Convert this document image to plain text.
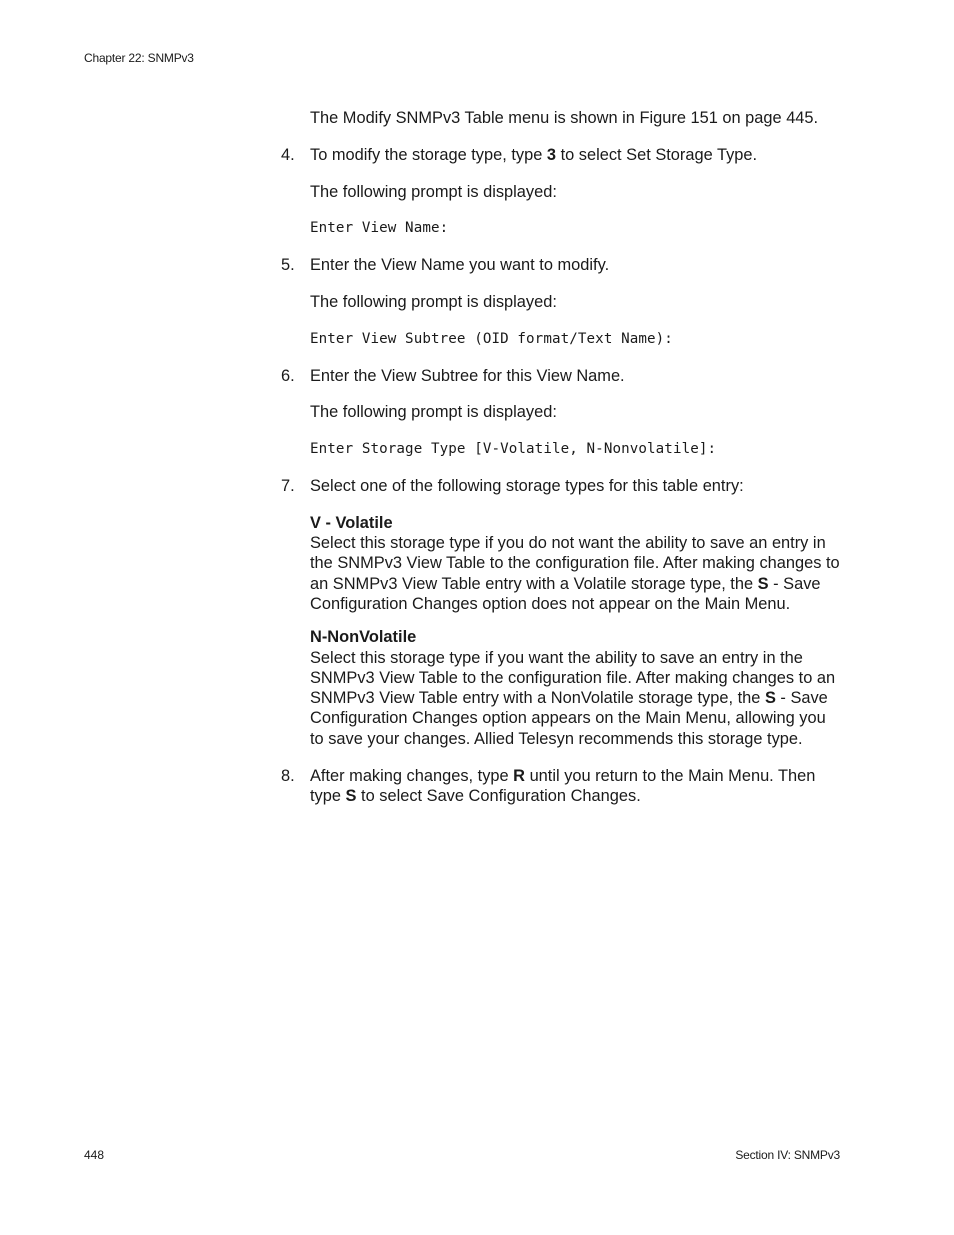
Chapter 22: SNMPv3

The Modify SNMPv3 Table menu is shown in Figure 151 on page 445.

4. To modify the storage type, type 3 to select Set Storage Type.

The following prompt is displayed:

Enter View Name:
5. Enter the View Name you want to modify.

The following prompt is displayed:

Enter View Subtree (OID format/Text Name):
6. Enter the View Subtree for this View Name.

The following prompt is displayed:

Enter Storage Type [V-Volatile, N-Nonvolatile]:
7. Select one of the following storage types for this table entry:
V - Volatile
Select this storage type if you do not want the ability to save an entry in the SNMPv3 View Table to the configuration file. After making changes to an SNMPv3 View Table entry with a Volatile storage type, the S - Save Configuration Changes option does not appear on the Main Menu.
N-NonVolatile
Select this storage type if you want the ability to save an entry in the SNMPv3 View Table to the configuration file. After making changes to an SNMPv3 View Table entry with a NonVolatile storage type, the S - Save Configuration Changes option appears on the Main Menu, allowing you to save your changes. Allied Telesyn recommends this storage type.
8. After making changes, type R until you return to the Main Menu. Then type S to select Save Configuration Changes.
448	Section IV: SNMPv3
